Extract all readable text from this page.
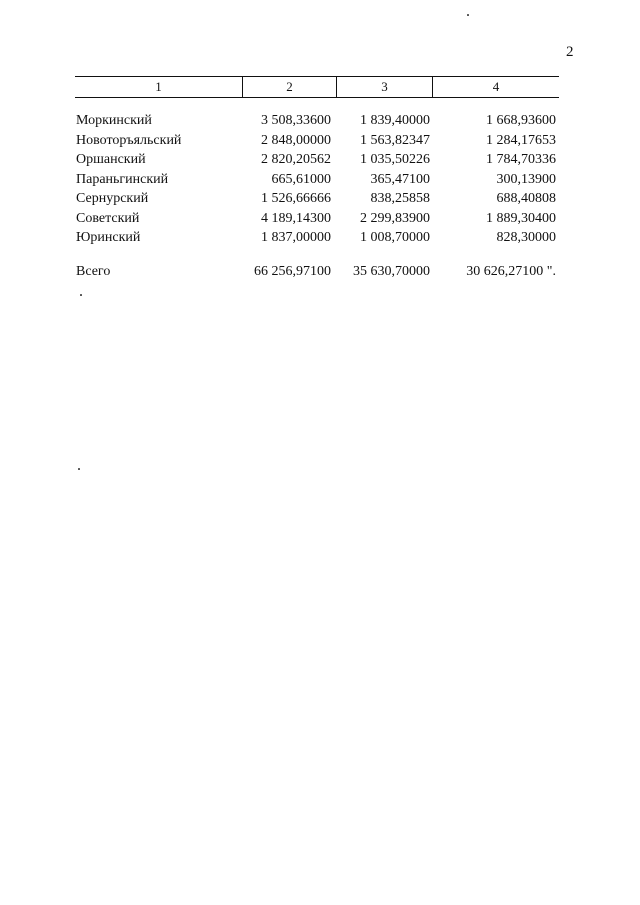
2
1	2	3	4
Моркинский	3 508,33600	1 839,40000	1 668,93600
Новоторъяльский	2 848,00000	1 563,82347	1 284,17653
Оршанский	2 820,20562	1 035,50226	1 784,70336
Параньгинский	665,61000	365,47100	300,13900
Сернурский	1 526,66666	838,25858	688,40808
Советский	4 189,14300	2 299,83900	1 889,30400
Юринский	1 837,00000	1 008,70000	828,30000
Всего	66 256,97100	35 630,70000	30 626,27100 ".
